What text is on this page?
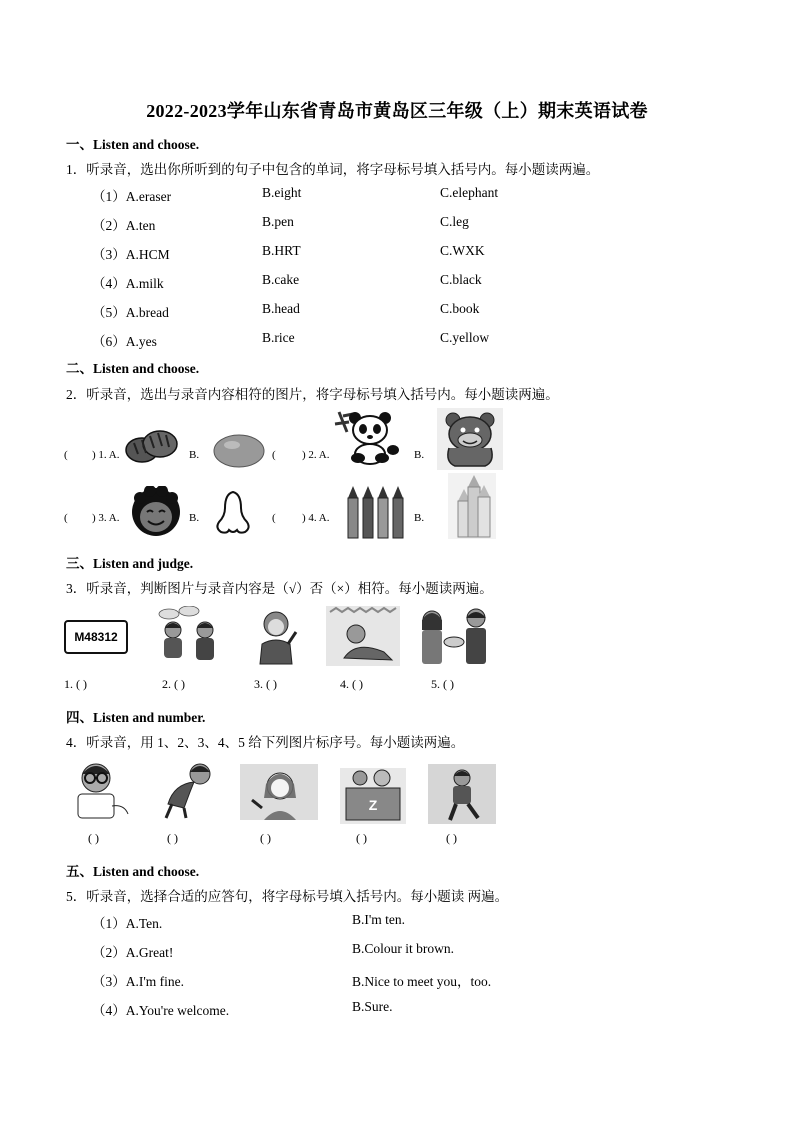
2022-2023学年山东省青岛市黄岛区三年级（上）期末英语试卷
一、Listen and choose.
1．听录音，选出你所听到的句子中包含的单词，将字母标号填入括号内。每小题读两遍。
（1）A.eraser	B.eight	C.elephant
（2）A.ten	B.pen	C.leg
（3）A.HCM	B.HRT	C.WXK
（4）A.milk	B.cake	C.black
（5）A.bread	B.head	C.book
（6）A.yes	B.rice	C.yellow
二、Listen and choose.
2．听录音，选出与录音内容相符的图片，将字母标号填入括号内。每小题读两遍。
( ) 1. A.	B.	( ) 2. A.	B.
( ) 3. A.	B.	( ) 4. A.	B.
三、Listen and judge.
3．听录音，判断图片与录音内容是（√）否（×）相符。每小题读两遍。
M48312
1. ( )	2. ( )	3. ( )	4. ( )	5. ( )
四、Listen and number.
4．听录音，用 1、2、3、4、5 给下列图片标序号。每小题读两遍。
Z
( )	( )	( )	( )	( )
五、Listen and choose.
5．听录音，选择合适的应答句，将字母标号填入括号内。每小题读 两遍。
（1）A.Ten.	B.I'm ten.
（2）A.Great!	B.Colour it brown.
（3）A.I'm fine.	B.Nice to meet you，too.
（4）A.You're welcome.	B.Sure.
